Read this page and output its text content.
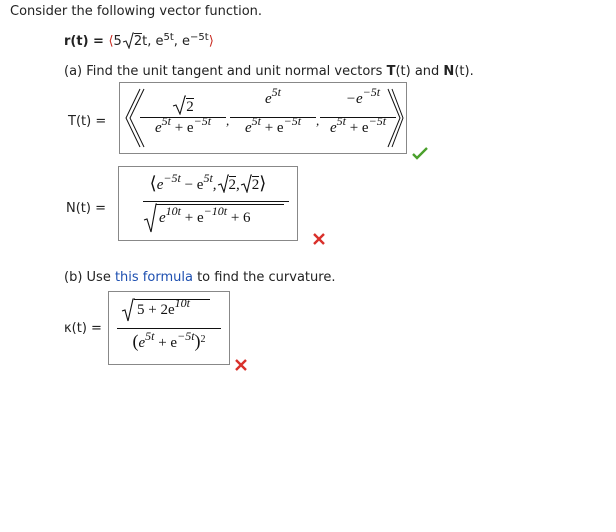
Consider the following vector function.
r(t) = ⟨5 2t, $e^{5t}$, $e^{-5t}⟩$
(a) Find the unit tangent and unit normal vectors T(t) and N(t).
T(t) =
2
$e^{5t} + e^{-5t}$	,
$e^{5t}$
$e^{5t} + e^{-5t}$	,
$-e^{-5t}$
$e^{5t} + e^{-5t}$
N(t) =
$⟨e^{-5t} - e^{5t}$, 2, 2⟩
$e^{10t} + e^{-10t} + 6$
(b) Use this formula to find the curvature.
κ(t) =
$5 + 2e^{10t}$
$(e^{5t} + e^{-5t})^2$
